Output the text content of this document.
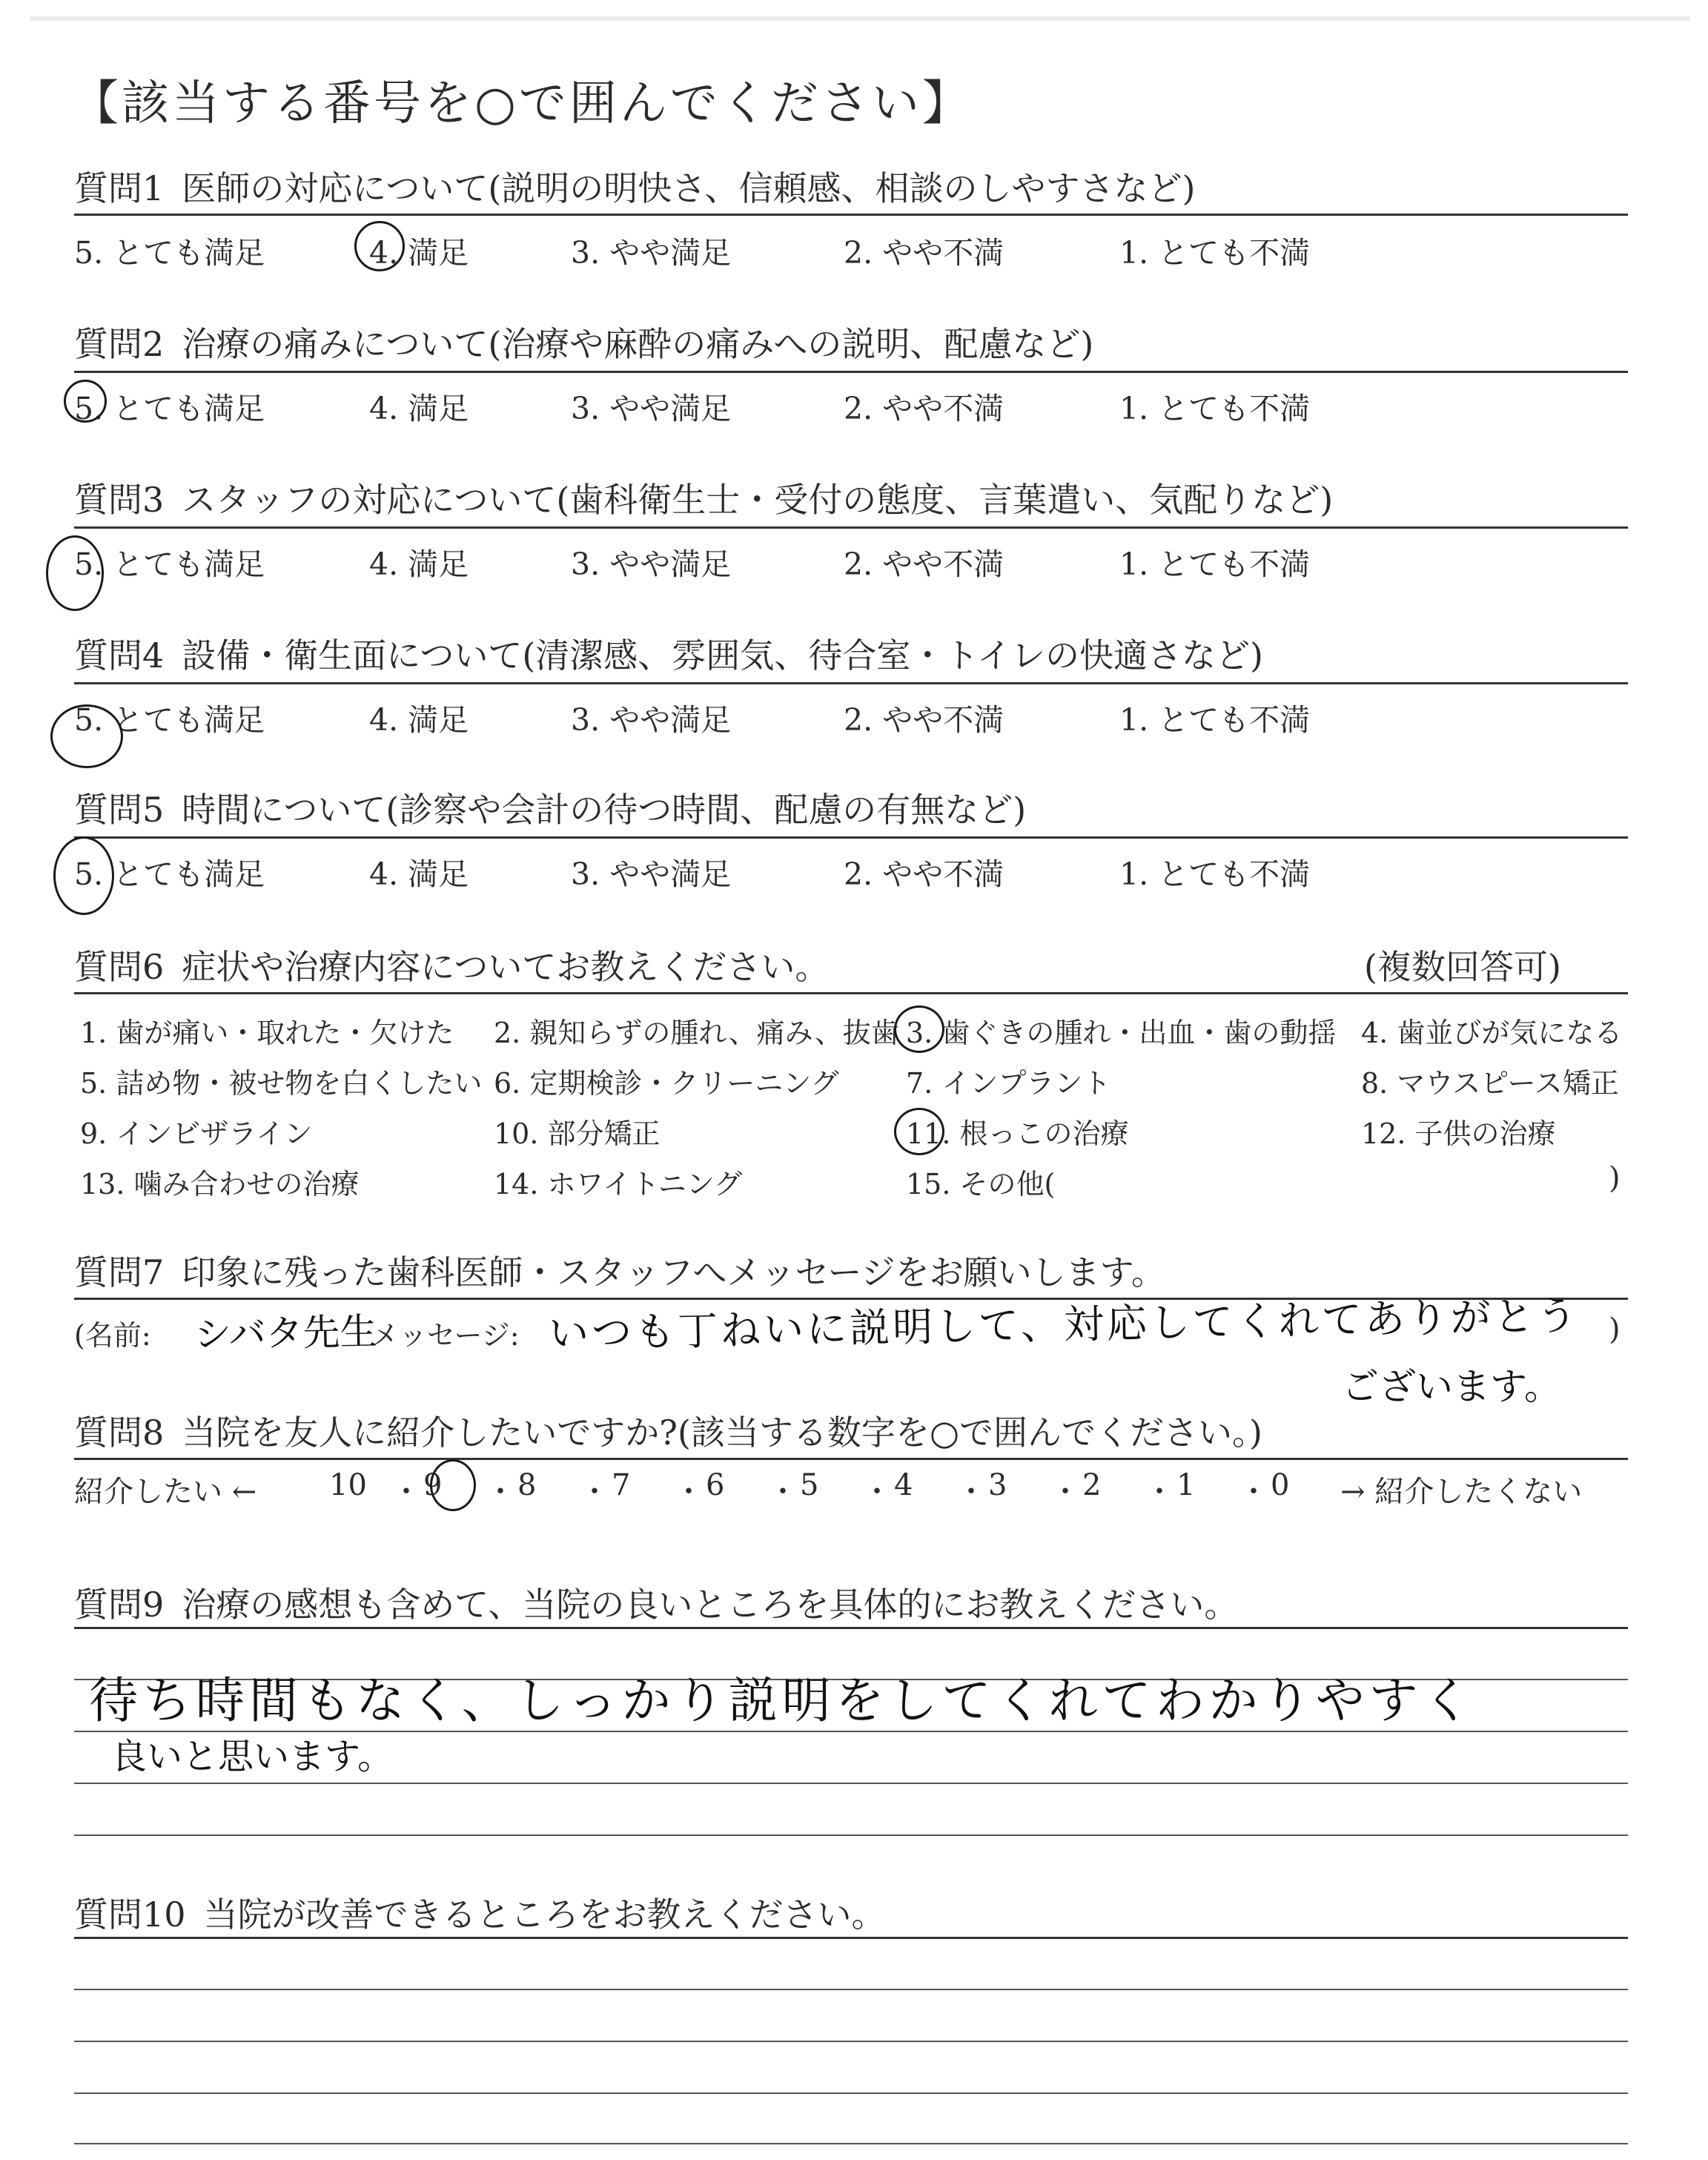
【該当する番号を○で囲んでください】
質問1 医師の対応について(説明の明快さ、信頼感、相談のしやすさなど)
5. とても満足	4. 満足	3. やや満足	2. やや不満	1. とても不満
質問2 治療の痛みについて(治療や麻酔の痛みへの説明、配慮など)
5. とても満足	4. 満足	3. やや満足	2. やや不満	1. とても不満
質問3 スタッフの対応について(歯科衛生士・受付の態度、言葉遣い、気配りなど)
5. とても満足	4. 満足	3. やや満足	2. やや不満	1. とても不満
質問4 設備・衛生面について(清潔感、雰囲気、待合室・トイレの快適さなど)
5. とても満足	4. 満足	3. やや満足	2. やや不満	1. とても不満
質問5 時間について(診察や会計の待つ時間、配慮の有無など)
5. とても満足	4. 満足	3. やや満足	2. やや不満	1. とても不満
質問6 症状や治療内容についてお教えください。	(複数回答可)
1. 歯が痛い・取れた・欠けた 2. 親知らずの腫れ、痛み、抜歯 3. 歯ぐきの腫れ・出血・歯の動揺 4. 歯並びが気になる
5. 詰め物・被せ物を白くしたい 6. 定期検診・クリーニング 7. インプラント	8. マウスピース矯正
9. インビザライン	10. 部分矯正	11. 根っこの治療	12. 子供の治療
13. 噛み合わせの治療	14. ホワイトニング	15. その他(	)
質問7 印象に残った歯科医師・スタッフへメッセージをお願いします。
(名前:	メッセージ:	)
シバタ先生	いつも丁ねいに説明して、対応してくれてありがとう
ございます。
質問8 当院を友人に紹介したいですか?(該当する数字を○で囲んでください。)
紹介したい ←	→ 紹介したくない
10 ・ 9 ・ 8 ・ 7 ・ 6 ・ 5 ・ 4 ・ 3 ・ 2 ・ 1 ・ 0
質問9 治療の感想も含めて、当院の良いところを具体的にお教えください。
待ち時間もなく、しっかり説明をしてくれてわかりやすく
良いと思います。
質問10 当院が改善できるところをお教えください。
